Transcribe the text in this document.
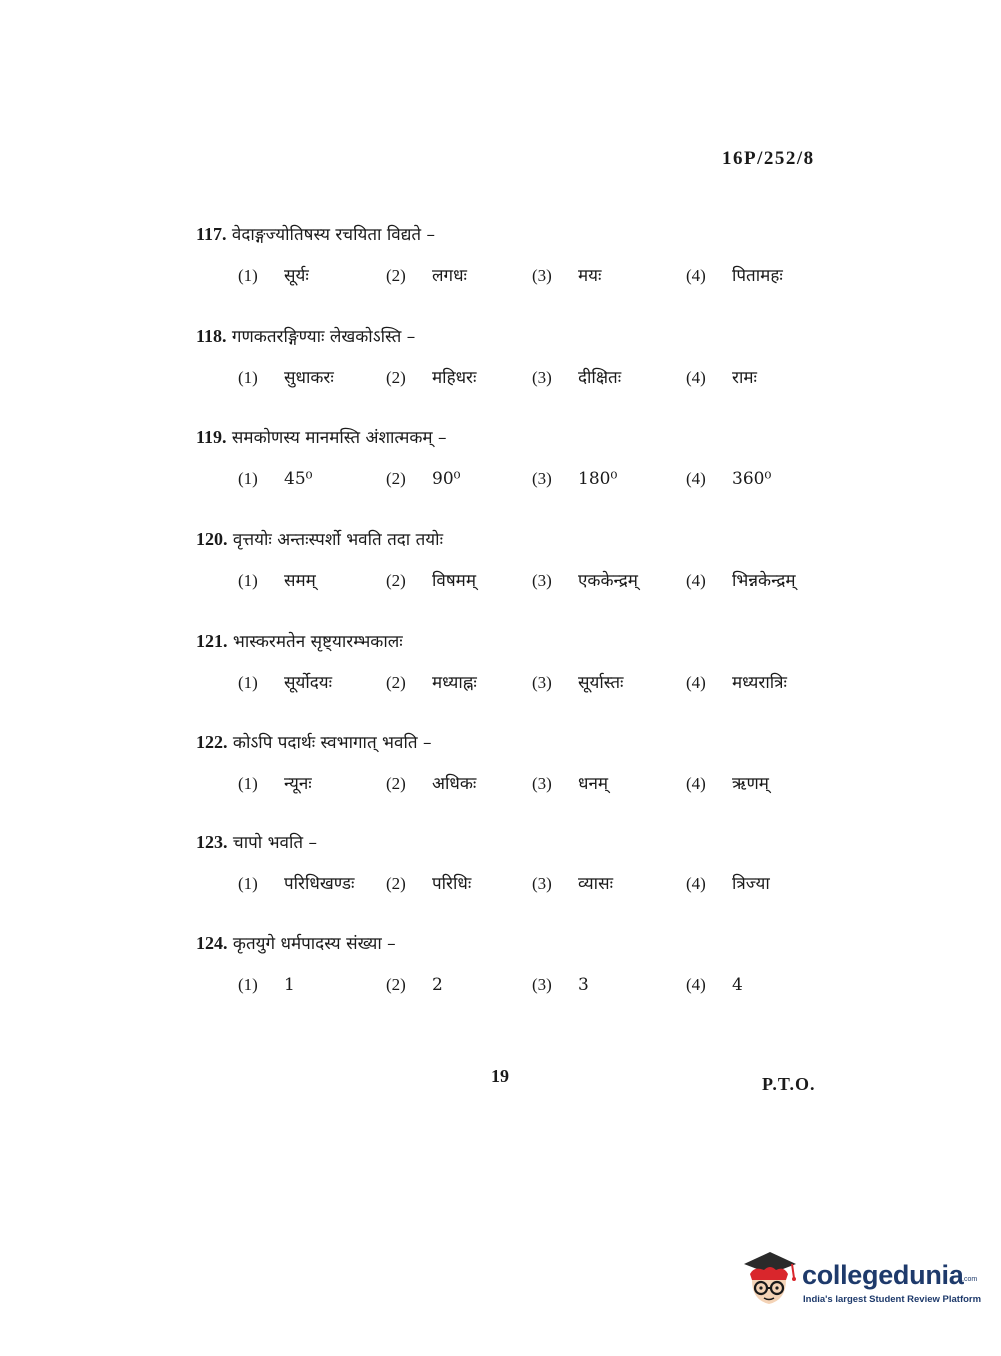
16P/252/8
117. वेदाङ्गज्योतिषस्य रचयिता विद्यते –
(1) सूर्यः	(2) लगधः	(3) मयः	(4) पितामहः
118. गणकतरङ्गिण्याः लेखकोऽस्ति –
(1) सुधाकरः	(2) महिधरः	(3) दीक्षितः	(4) रामः
119. समकोणस्य मानमस्ति अंशात्मकम् –
(1) 45⁰	(2) 90⁰	(3) 180⁰	(4) 360⁰
120. वृत्तयोः अन्तःस्पर्शो भवति तदा तयोः
(1) समम्	(2) विषमम्	(3) एककेन्द्रम्	(4) भिन्नकेन्द्रम्
121. भास्करमतेन सृष्ट्यारम्भकालः
(1) सूर्योदयः	(2) मध्याह्नः	(3) सूर्यास्तः	(4) मध्यरात्रिः
122. कोऽपि पदार्थः स्वभागात् भवति –
(1) न्यूनः	(2) अधिकः	(3) धनम्	(4) ऋणम्
123. चापो भवति –
(1) परिधिखण्डः (2) परिधिः	(3) व्यासः	(4) त्रिज्या
124. कृतयुगे धर्मपादस्य संख्या –
(1) 1	(2) 2	(3) 3	(4) 4
19	P.T.O.
collegedunia
.com
India's largest Student Review Platform
